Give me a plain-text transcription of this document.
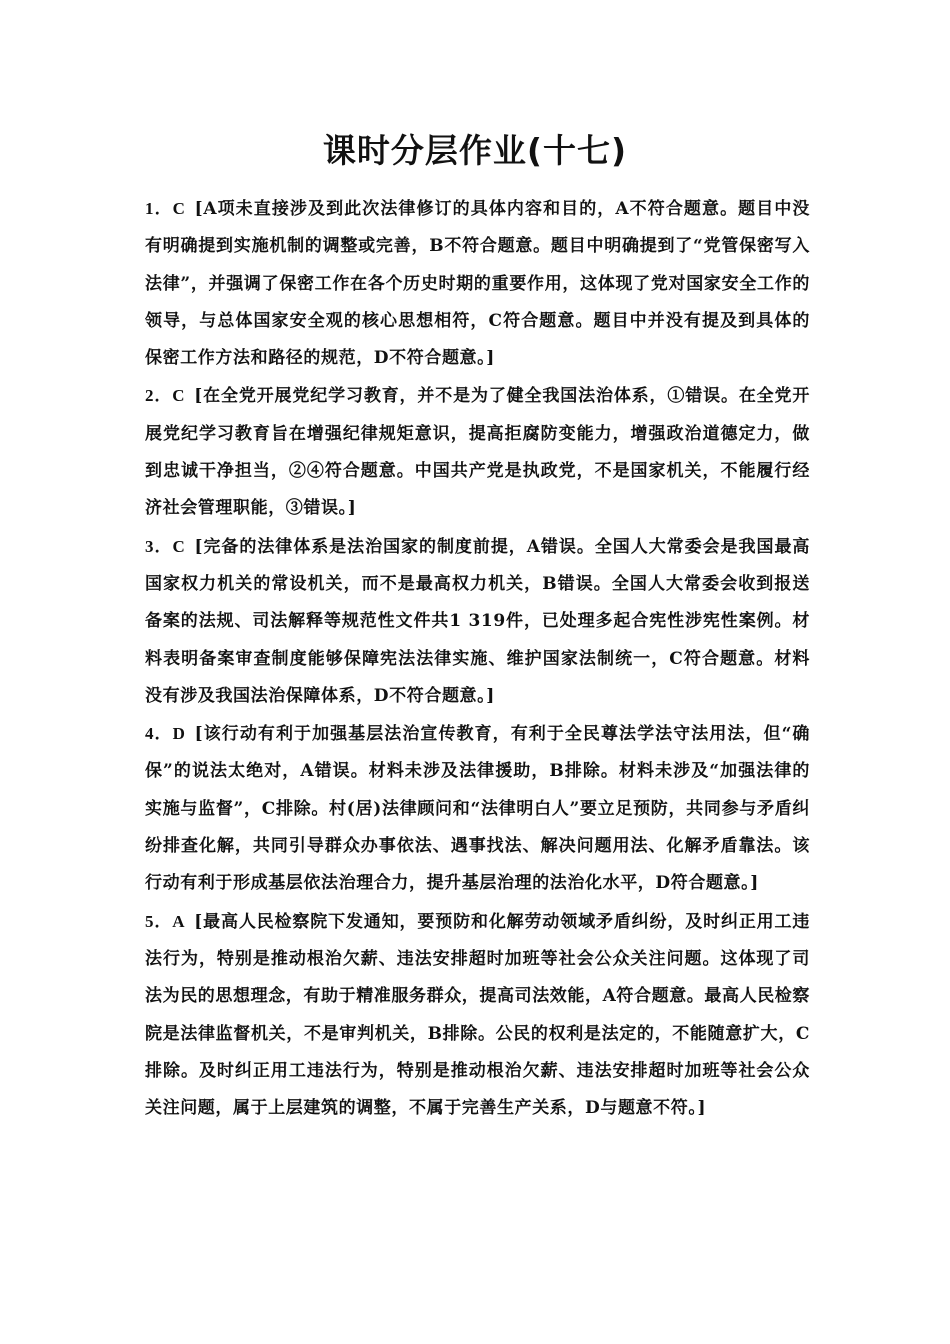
课时分层作业(十七)

1．C [A项未直接涉及到此次法律修订的具体内容和目的，A不符合题意。题目中没有明确提到实施机制的调整或完善，B不符合题意。题目中明确提到了“党管保密写入法律”，并强调了保密工作在各个历史时期的重要作用，这体现了党对国家安全工作的领导，与总体国家安全观的核心思想相符，C符合题意。题目中并没有提及到具体的保密工作方法和路径的规范，D不符合题意。]

2．C [在全党开展党纪学习教育，并不是为了健全我国法治体系，①错误。在全党开展党纪学习教育旨在增强纪律规矩意识，提高拒腐防变能力，增强政治道德定力，做到忠诚干净担当，②④符合题意。中国共产党是执政党，不是国家机关，不能履行经济社会管理职能，③错误。]

3．C [完备的法律体系是法治国家的制度前提，A错误。全国人大常委会是我国最高国家权力机关的常设机关，而不是最高权力机关，B错误。全国人大常委会收到报送备案的法规、司法解释等规范性文件共1 319件，已处理多起合宪性涉宪性案例。材料表明备案审查制度能够保障宪法法律实施、维护国家法制统一，C符合题意。材料没有涉及我国法治保障体系，D不符合题意。]

4．D [该行动有利于加强基层法治宣传教育，有利于全民尊法学法守法用法，但“确保”的说法太绝对，A错误。材料未涉及法律援助，B排除。材料未涉及“加强法律的实施与监督”，C排除。村(居)法律顾问和“法律明白人”要立足预防，共同参与矛盾纠纷排查化解，共同引导群众办事依法、遇事找法、解决问题用法、化解矛盾靠法。该行动有利于形成基层依法治理合力，提升基层治理的法治化水平，D符合题意。]

5．A [最高人民检察院下发通知，要预防和化解劳动领域矛盾纠纷，及时纠正用工违法行为，特别是推动根治欠薪、违法安排超时加班等社会公众关注问题。这体现了司法为民的思想理念，有助于精准服务群众，提高司法效能，A符合题意。最高人民检察院是法律监督机关，不是审判机关，B排除。公民的权利是法定的，不能随意扩大，C排除。及时纠正用工违法行为，特别是推动根治欠薪、违法安排超时加班等社会公众关注问题，属于上层建筑的调整，不属于完善生产关系，D与题意不符。]
